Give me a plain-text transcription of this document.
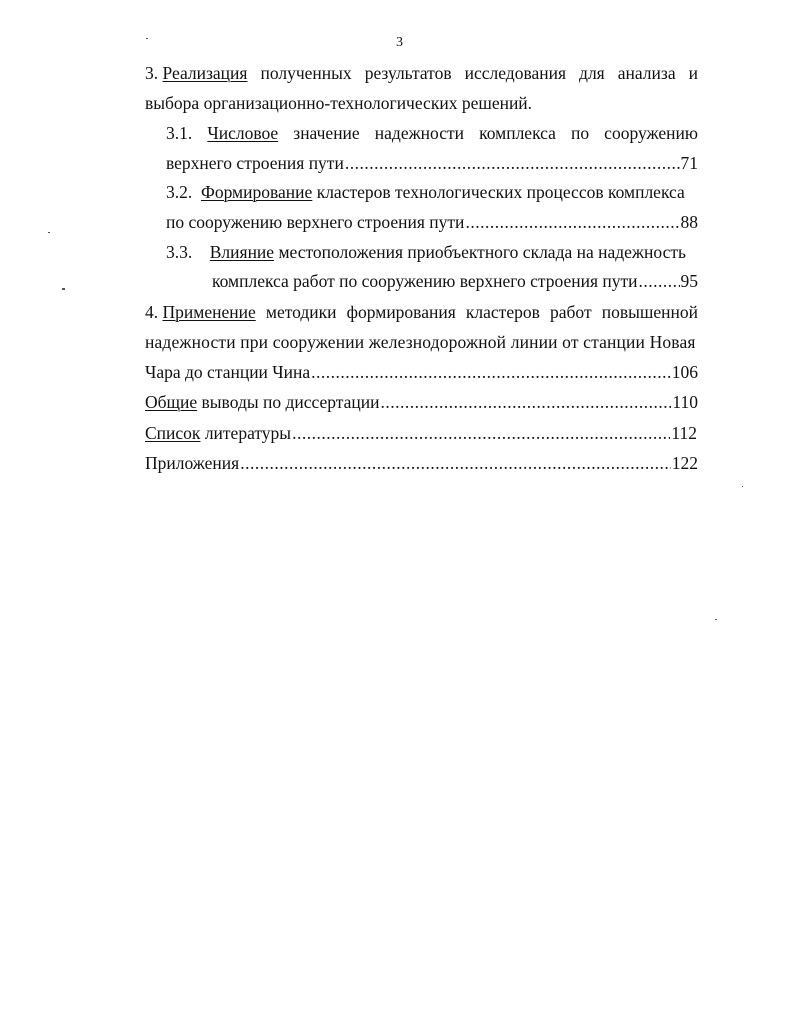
3
3. Реализация полученных результатов исследования для анализа и
выбора организационно-технологических решений.
3.1. Числовое значение надежности комплекса по сооружению
верхнего строения пути .....	71
3.2.
Формирование
кластеров технологических процессов комплекса
по сооружению верхнего строения пути .....	88
3.3.
Влияние
местоположения приобъектного склада на надежность
комплекса работ по сооружению верхнего строения пути ..... 95
4. Применение методики формирования кластеров работ повышенной
надежности при сооружении железнодорожной линии от станции Новая
Чара до станции Чина .....	106
Общие
выводы по диссертации .....	110
Список
литературы .....	112
Приложения .....	122
